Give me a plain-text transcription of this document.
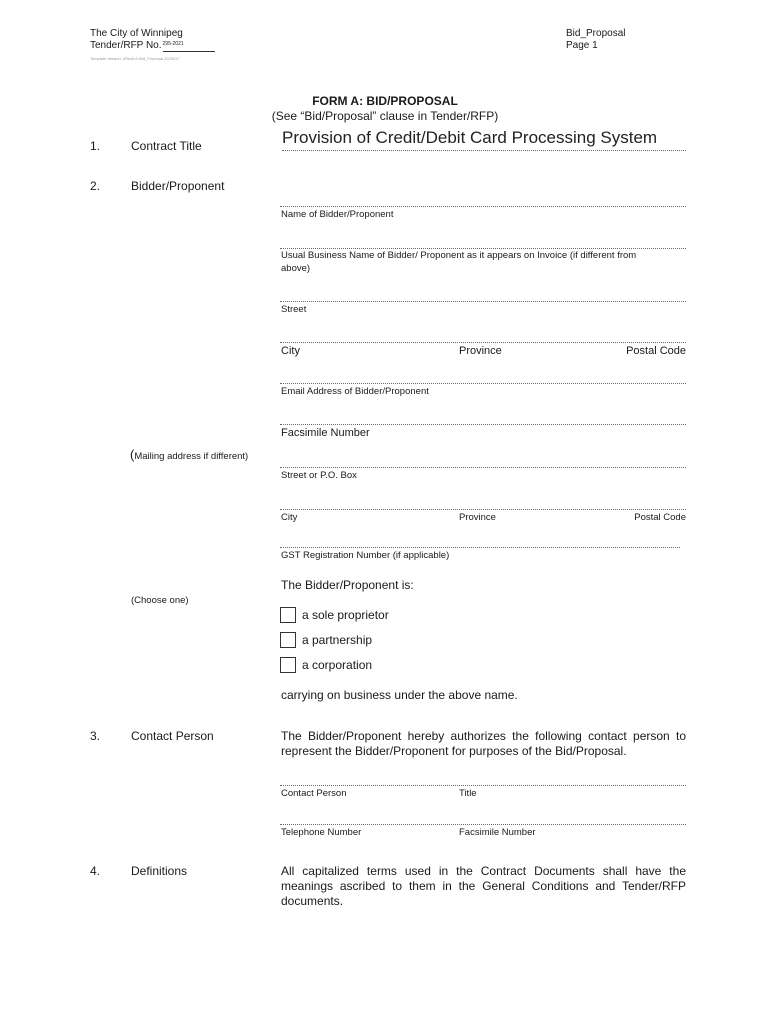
The City of Winnipeg
Tender/RFP No.$^{295-2021}$
Template Version: eRevit A-Bid_Proposal 2020017
Bid_Proposal
Page 1
FORM A: BID/PROPOSAL
(See “Bid/Proposal” clause in Tender/RFP)
1.	Contract Title	Provision of Credit/Debit Card Processing System
2.	Bidder/Proponent
Name of Bidder/Proponent
Usual Business Name of Bidder/ Proponent as it appears on Invoice (if different from
above)
Street
City	Province	Postal Code
Email Address of Bidder/Proponent
Facsimile Number
(Mailing address if different)
Street or P.O. Box
City	Province	Postal Code
GST Registration Number (if applicable)
The Bidder/Proponent is:
(Choose one)
a sole proprietor
a partnership
a corporation
carrying on business under the above name.
3.	Contact Person	The Bidder/Proponent hereby authorizes the following contact person to represent the Bidder/Proponent for purposes of the Bid/Proposal.
Contact Person	Title
Telephone Number	Facsimile Number
4.	Definitions	All capitalized terms used in the Contract Documents shall have the meanings ascribed to them in the General Conditions and Tender/RFP documents.
